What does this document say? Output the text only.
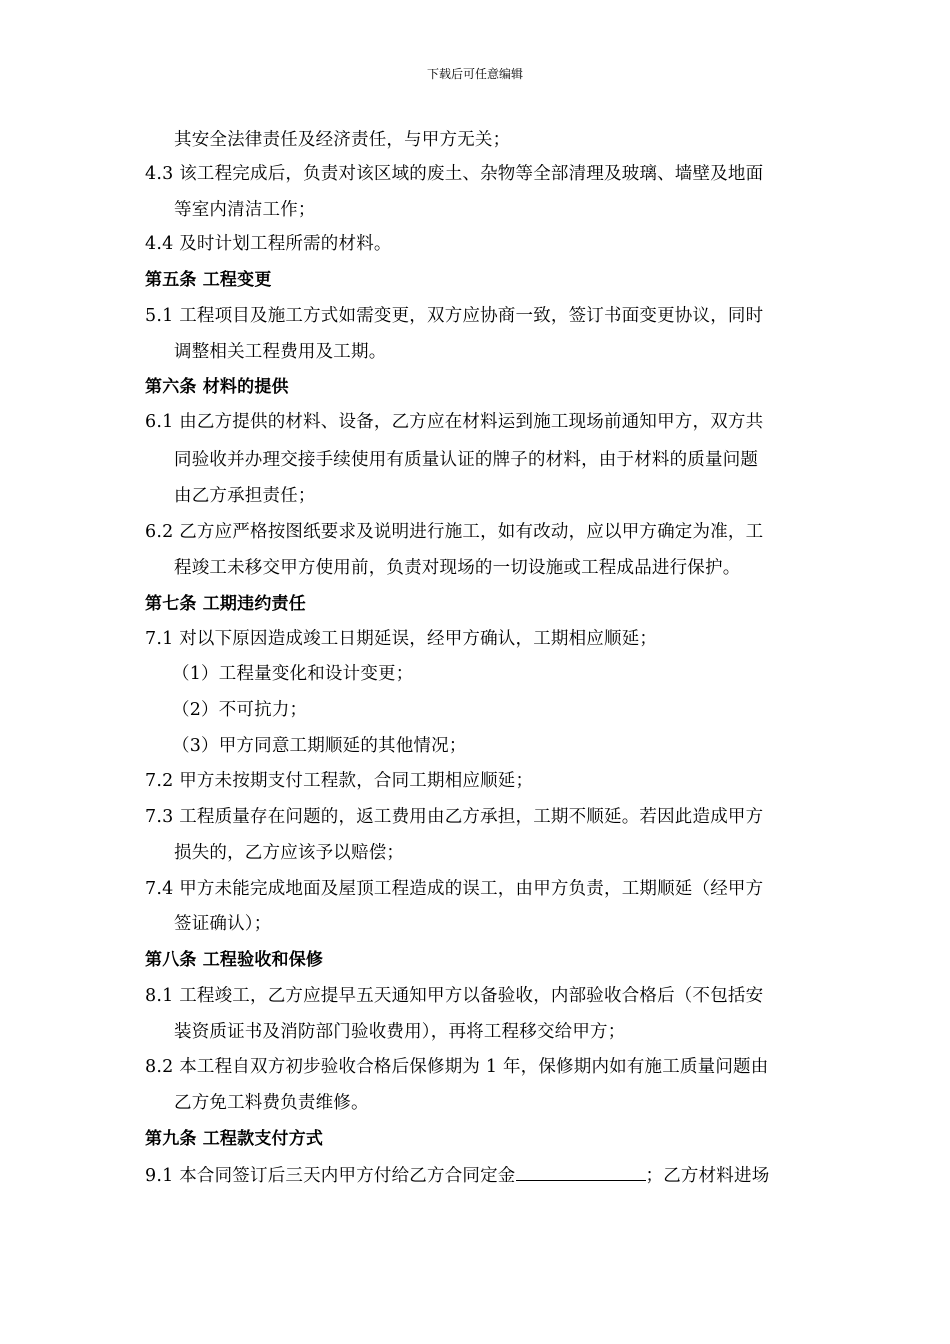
下载后可任意编辑
其安全法律责任及经济责任，与甲方无关；
4.3 该工程完成后，负责对该区域的废土、杂物等全部清理及玻璃、墙壁及地面
等室内清洁工作；
4.4 及时计划工程所需的材料。
第五条 工程变更
5.1 工程项目及施工方式如需变更，双方应协商一致，签订书面变更协议，同时
调整相关工程费用及工期。
第六条 材料的提供
6.1 由乙方提供的材料、设备，乙方应在材料运到施工现场前通知甲方，双方共
同验收并办理交接手续使用有质量认证的牌子的材料，由于材料的质量问题
由乙方承担责任；
6.2 乙方应严格按图纸要求及说明进行施工，如有改动，应以甲方确定为准，工
程竣工未移交甲方使用前，负责对现场的一切设施或工程成品进行保护。
第七条 工期违约责任
7.1 对以下原因造成竣工日期延误，经甲方确认，工期相应顺延；
（1）工程量变化和设计变更；
（2）不可抗力；
（3）甲方同意工期顺延的其他情况；
7.2 甲方未按期支付工程款，合同工期相应顺延；
7.3 工程质量存在问题的，返工费用由乙方承担，工期不顺延。若因此造成甲方
损失的，乙方应该予以赔偿；
7.4 甲方未能完成地面及屋顶工程造成的误工，由甲方负责，工期顺延（经甲方
签证确认）；
第八条 工程验收和保修
8.1 工程竣工，乙方应提早五天通知甲方以备验收，内部验收合格后（不包括安
装资质证书及消防部门验收费用），再将工程移交给甲方；
8.2 本工程自双方初步验收合格后保修期为 1 年，保修期内如有施工质量问题由
乙方免工料费负责维修。
第九条 工程款支付方式
9.1 本合同签订后三天内甲方付给乙方合同定金	；乙方材料进场
